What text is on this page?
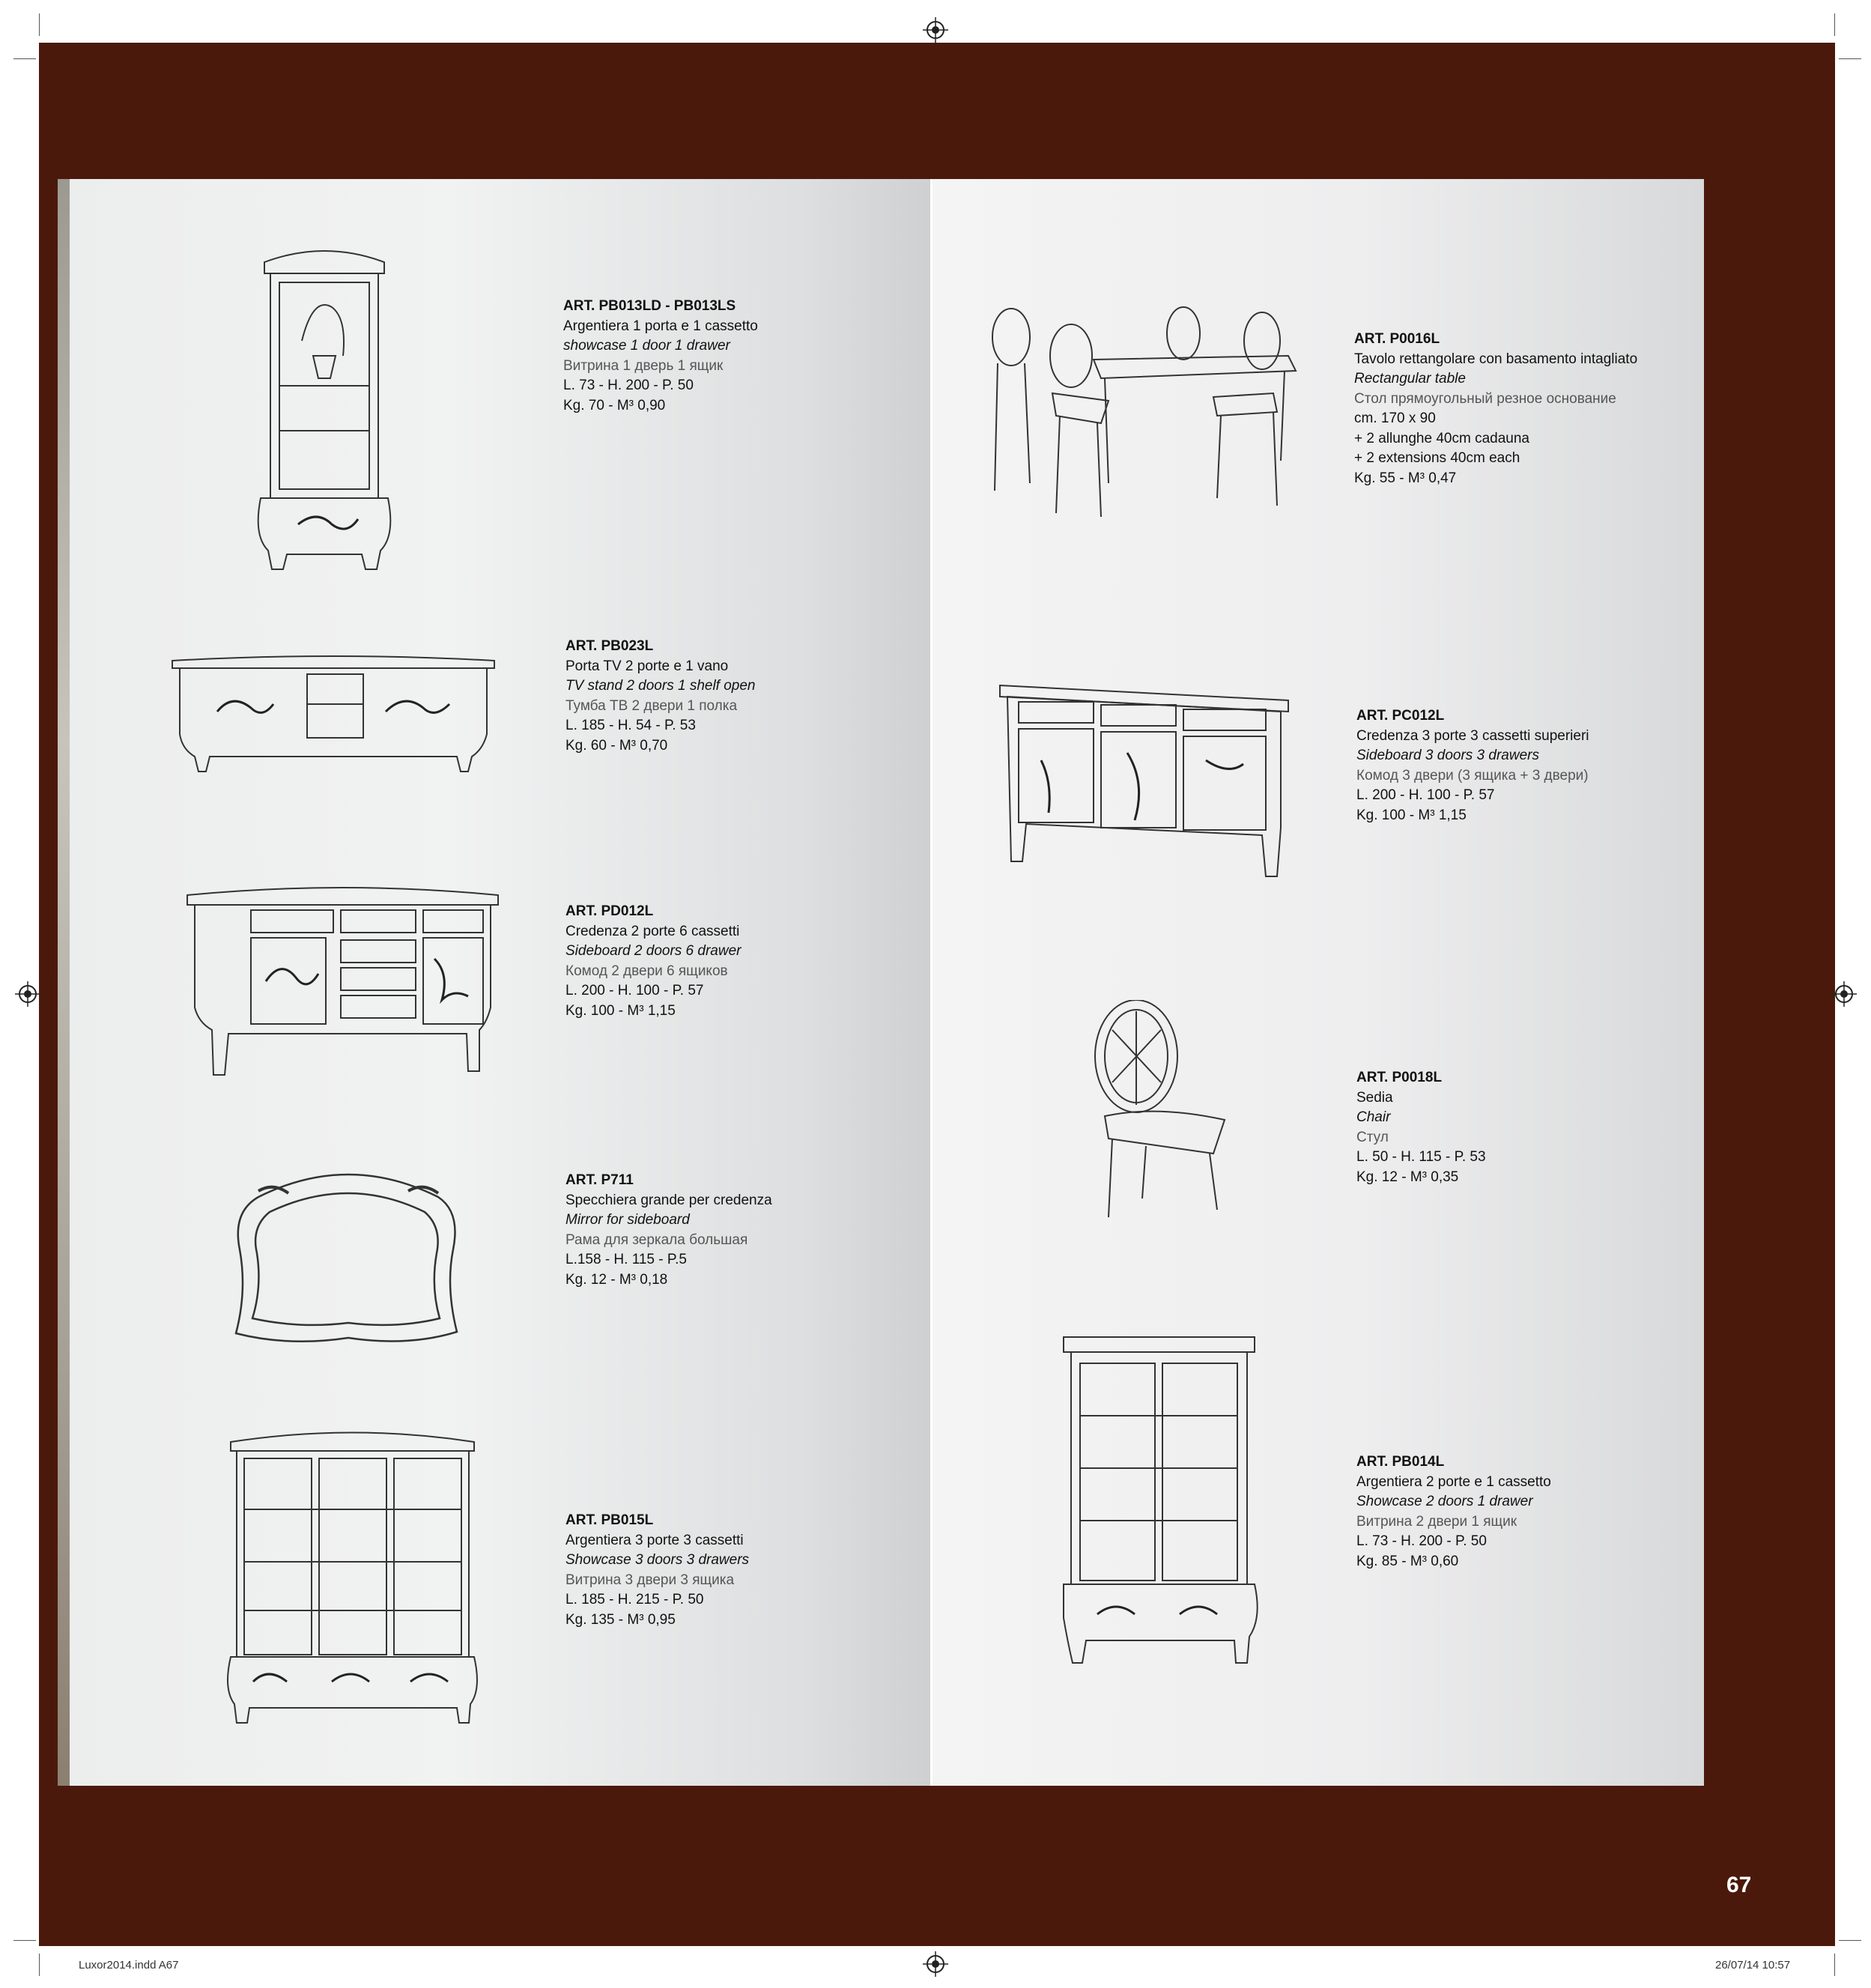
ART. PB013LD - PB013LS
Argentiera 1 porta e 1 cassetto
showcase 1 door 1 drawer
Витрина 1 дверь 1 ящик
L. 73 - H. 200 - P. 50
Kg. 70 - M³ 0,90
ART. PB023L
Porta TV 2 porte e 1 vano
TV stand 2 doors 1 shelf open
Тумба ТВ 2 двери 1 полка
L. 185 - H. 54 - P. 53
Kg. 60 - M³ 0,70
ART. PD012L
Credenza 2 porte 6 cassetti
Sideboard 2 doors 6 drawer
Комод 2 двери 6 ящиков
L. 200 - H. 100 - P. 57
Kg. 100 - M³ 1,15
ART. P711
Specchiera grande per credenza
Mirror for sideboard
Рама для зеркала большая
L.158 - H. 115 - P.5
Kg. 12 - M³ 0,18
ART. PB015L
Argentiera 3 porte 3 cassetti
Showcase 3 doors 3 drawers
Витрина 3 двери 3 ящика
L. 185 - H. 215 - P. 50
Kg. 135 - M³ 0,95
ART. P0016L
Tavolo rettangolare con basamento intagliato
Rectangular table
Стол прямоугольный резное основание
cm. 170 x 90
+ 2 allunghe 40cm cadauna
+ 2 extensions 40cm each
Kg. 55 - M³ 0,47
ART. PC012L
Credenza 3 porte 3 cassetti superieri
Sideboard 3 doors 3 drawers
Комод 3 двери (3 ящика + 3 двери)
L. 200 - H. 100 - P. 57
Kg. 100 - M³ 1,15
ART. P0018L
Sedia
Chair
Стул
L. 50 - H. 115 - P. 53
Kg. 12 - M³ 0,35
ART. PB014L
Argentiera 2 porte e 1 cassetto
Showcase 2 doors 1 drawer
Витрина 2 двери 1 ящик
L. 73 - H. 200 - P. 50
Kg. 85 - M³ 0,60
67
Luxor2014.indd A67	26/07/14 10:57
